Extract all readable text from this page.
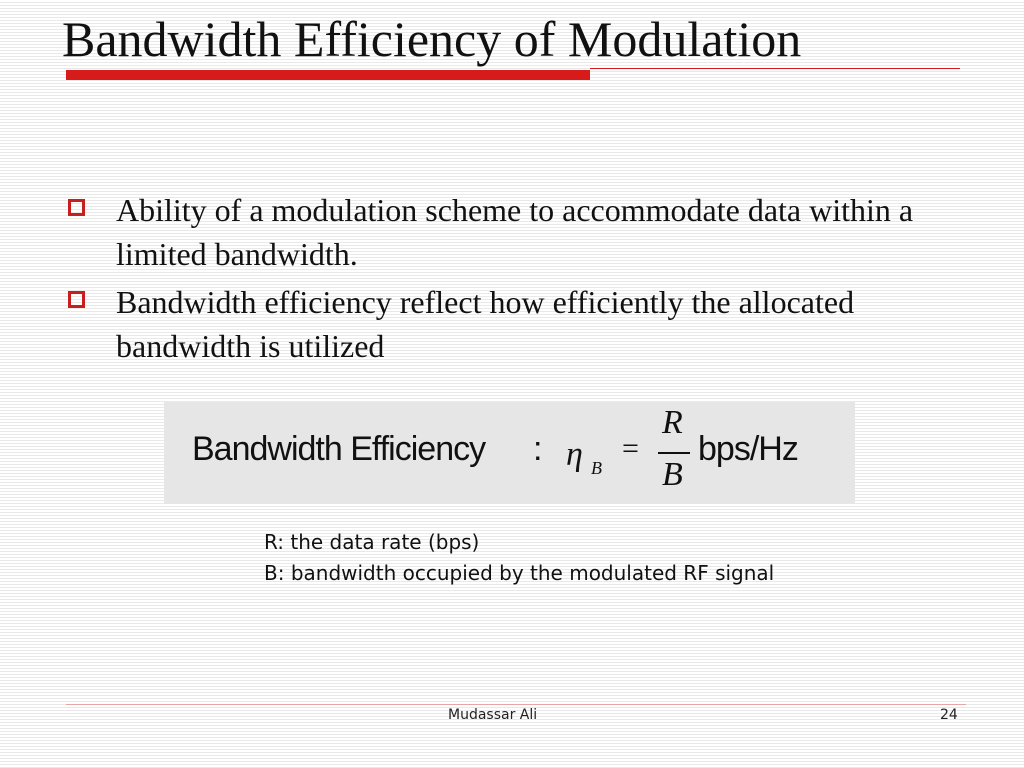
Bandwidth Efficiency of Modulation
Ability of a modulation scheme to accommodate data within a limited bandwidth.
Bandwidth efficiency reflect how efficiently the allocated bandwidth is utilized
Bandwidth Efficiency : η B
=
R
B
bps/Hz
R: the data rate (bps)
B: bandwidth occupied by the modulated RF signal
Mudassar Ali	24
